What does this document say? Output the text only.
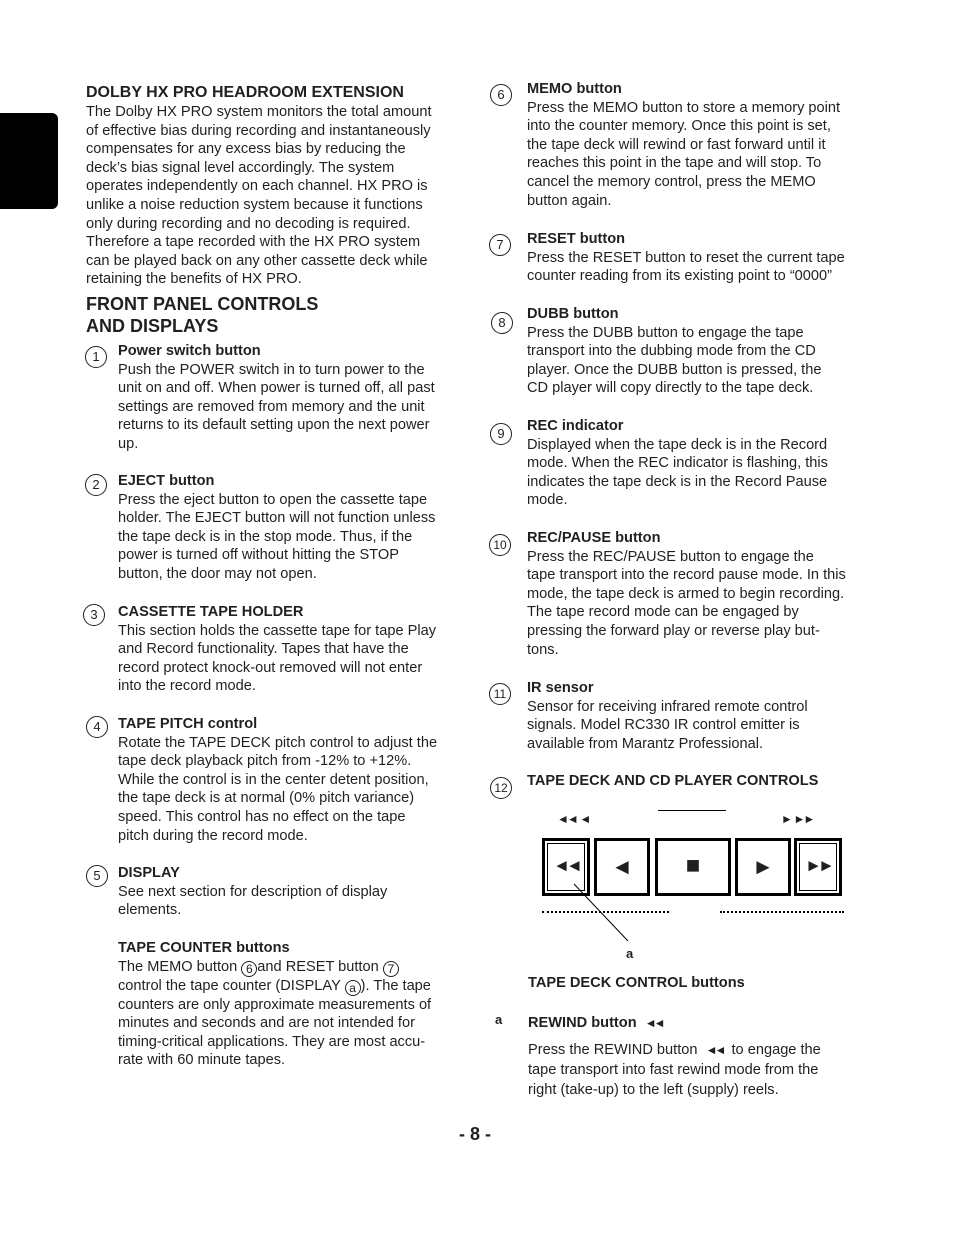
DOLBY HX PRO HEADROOM EXTENSION
The Dolby HX PRO system monitors the total amount
of effective bias during recording and instantaneously
compensates for any excess bias by reducing the
deck’s bias signal level accordingly. The system
operates independently on each channel. HX PRO is
unlike a noise reduction system because it functions
only during recording and no decoding is required.
Therefore a tape recorded with the HX PRO system
can be played back on any other cassette deck while
retaining the benefits of HX PRO.
FRONT PANEL CONTROLS
AND DISPLAYS
1	Power switch button
Push the POWER switch in to turn power to the
unit on and off. When power is turned off, all past
settings are removed from memory and the unit
returns to its default setting upon the next power
up.
2	EJECT button
Press the eject button to open the cassette tape
holder. The EJECT button will not function unless
the tape deck is in the stop mode. Thus, if the
power is turned off without hitting the STOP
button, the door may not open.
3	CASSETTE TAPE HOLDER
This section holds the cassette tape for tape Play
and Record functionality. Tapes that have the
record protect knock-out removed will not enter
into the record mode.
4	TAPE PITCH control
Rotate the TAPE DECK pitch control to adjust the
tape deck playback pitch from -12% to +12%.
While the control is in the center detent position,
the tape deck is at normal (0% pitch variance)
speed. This control has no effect on the tape
pitch during the record mode.
5	DISPLAY
See next section for description of display
elements.
TAPE COUNTER buttons
The MEMO button 6 and RESET button 7
control the tape counter (DISPLAY a ). The tape
counters are only approximate measurements of
minutes and seconds and are not intended for
timing-critical applications. They are most accu-
rate with 60 minute tapes.
6	MEMO button
Press the MEMO button to store a memory point
into the counter memory. Once this point is set,
the tape deck will rewind or fast forward until it
reaches this point in the tape and will stop. To
cancel the memory control, press the MEMO
button again.
7	RESET button
Press the RESET button to reset the current tape
counter reading from its existing point to “0000”
8
DUBB button
Press the DUBB button to engage the tape
transport into the dubbing mode from the CD
player. Once the DUBB button is pressed, the
CD player will copy directly to the tape deck.
9	REC indicator
Displayed when the tape deck is in the Record
mode. When the REC indicator is flashing, this
indicates the tape deck is in the Record Pause
mode.
10 REC/PAUSE button
Press the REC/PAUSE button to engage the
tape transport into the record pause mode. In this
mode, the tape deck is armed to begin recording.
The tape record mode can be engaged by
pressing the forward play or reverse play but-
tons.
11	IR sensor
Sensor for receiving infrared remote control
signals. Model RC330 IR control emitter is
available from Marantz Professional.
12 TAPE DECK AND CD PLAYER CONTROLS
◄◄  ◄	►  ►►
◄◄	◄	■	►	►►
a
TAPE DECK CONTROL buttons
a REWIND button ◄◄
Press the REWIND button ◄◄ to engage the
tape transport into fast rewind mode from the
right (take-up) to the left (supply) reels.
- 8 -
